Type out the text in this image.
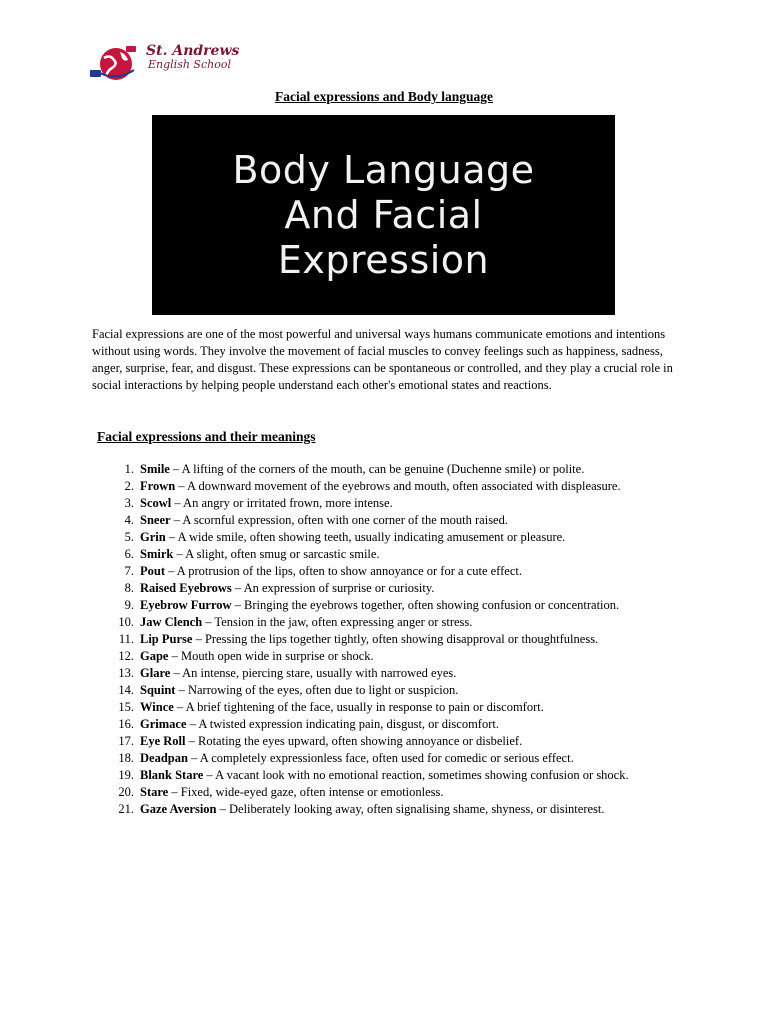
St. Andrews
English School
Facial expressions and Body language
Body Language
And Facial
Expression

Facial expressions are one of the most powerful and universal ways humans communicate emotions and intentions without using words. They involve the movement of facial muscles to convey feelings such as happiness, sadness, anger, surprise, fear, and disgust. These expressions can be spontaneous or controlled, and they play a crucial role in social interactions by helping people understand each other's emotional states and reactions.

Facial expressions and their meanings
1. Smile – A lifting of the corners of the mouth, can be genuine (Duchenne smile) or polite.
2. Frown – A downward movement of the eyebrows and mouth, often associated with displeasure.
3. Scowl – An angry or irritated frown, more intense.
4. Sneer – A scornful expression, often with one corner of the mouth raised.
5. Grin – A wide smile, often showing teeth, usually indicating amusement or pleasure.
6. Smirk – A slight, often smug or sarcastic smile.
7. Pout – A protrusion of the lips, often to show annoyance or for a cute effect.
8. Raised Eyebrows – An expression of surprise or curiosity.
9. Eyebrow Furrow – Bringing the eyebrows together, often showing confusion or concentration.
10. Jaw Clench – Tension in the jaw, often expressing anger or stress.
11. Lip Purse – Pressing the lips together tightly, often showing disapproval or thoughtfulness.
12. Gape – Mouth open wide in surprise or shock.
13. Glare – An intense, piercing stare, usually with narrowed eyes.
14. Squint – Narrowing of the eyes, often due to light or suspicion.
15. Wince – A brief tightening of the face, usually in response to pain or discomfort.
16. Grimace – A twisted expression indicating pain, disgust, or discomfort.
17. Eye Roll – Rotating the eyes upward, often showing annoyance or disbelief.
18. Deadpan – A completely expressionless face, often used for comedic or serious effect.
19. Blank Stare – A vacant look with no emotional reaction, sometimes showing confusion or shock.
20. Stare – Fixed, wide-eyed gaze, often intense or emotionless.
21. Gaze Aversion – Deliberately looking away, often signalising shame, shyness, or disinterest.
